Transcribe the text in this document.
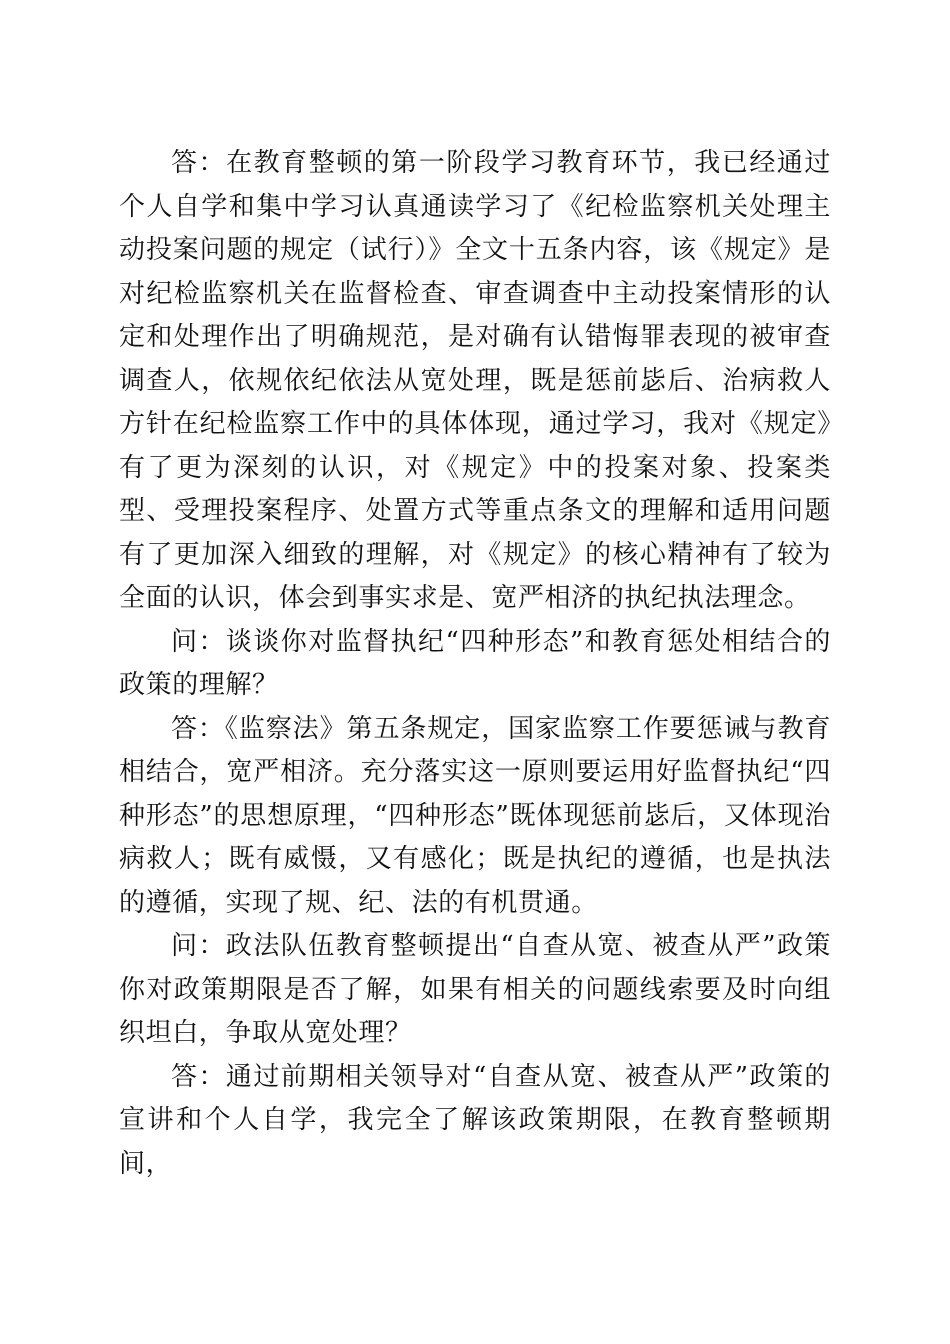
答：在教育整顿的第一阶段学习教育环节，我已经通过个人自学和集中学习认真通读学习了《纪检监察机关处理主动投案问题的规定（试行）》全文十五条内容，该《规定》是对纪检监察机关在监督检查、审查调查中主动投案情形的认定和处理作出了明确规范，是对确有认错悔罪表现的被审查调查人，依规依纪依法从宽处理，既是惩前毖后、治病救人方针在纪检监察工作中的具体体现，通过学习，我对《规定》有了更为深刻的认识，对《规定》中的投案对象、投案类型、受理投案程序、处置方式等重点条文的理解和适用问题有了更加深入细致的理解，对《规定》的核心精神有了较为全面的认识，体会到事实求是、宽严相济的执纪执法理念。

问：谈谈你对监督执纪“四种形态”和教育惩处相结合的政策的理解？

答：《监察法》第五条规定，国家监察工作要惩诫与教育相结合，宽严相济。充分落实这一原则要运用好监督执纪“四种形态”的思想原理，“四种形态”既体现惩前毖后，又体现治病救人；既有威慑，又有感化；既是执纪的遵循，也是执法的遵循，实现了规、纪、法的有机贯通。

问：政法队伍教育整顿提出“自查从宽、被查从严”政策你对政策期限是否了解，如果有相关的问题线索要及时向组织坦白，争取从宽处理？

答：通过前期相关领导对“自查从宽、被查从严”政策的宣讲和个人自学，我完全了解该政策期限，在教育整顿期间，
